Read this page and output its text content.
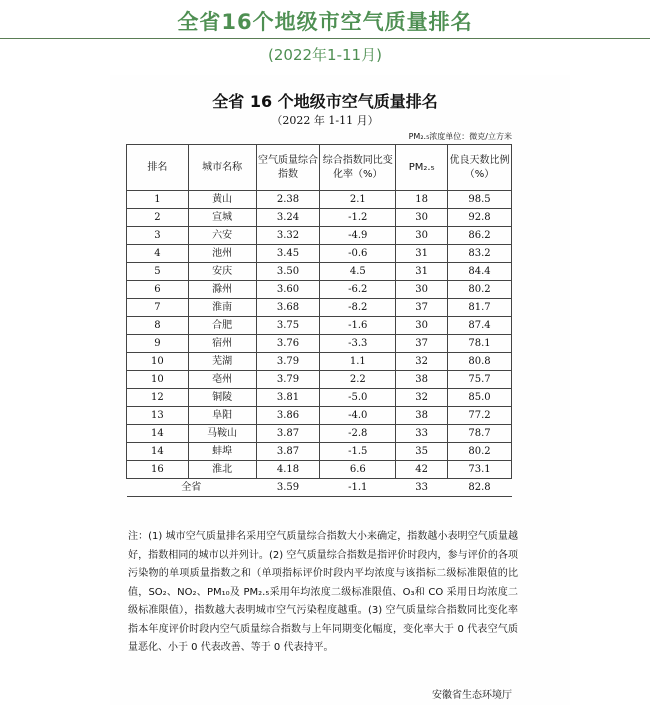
全省16个地级市空气质量排名
(2022年1-11月)
全省 16 个地级市空气质量排名
（2022 年 1-11 月）
PM₂.₅浓度单位：微克/立方米
排名	城市名称	空气质量综合指数	综合指数同比变化率（%）	PM₂.₅	优良天数比例（%）
1	黄山	2.38	2.1	18	98.5
2	宣城	3.24	-1.2	30	92.8
3	六安	3.32	-4.9	30	86.2
4	池州	3.45	-0.6	31	83.2
5	安庆	3.50	4.5	31	84.4
6	滁州	3.60	-6.2	30	80.2
7	淮南	3.68	-8.2	37	81.7
8	合肥	3.75	-1.6	30	87.4
9	宿州	3.76	-3.3	37	78.1
10	芜湖	3.79	1.1	32	80.8
10	亳州	3.79	2.2	38	75.7
12	铜陵	3.81	-5.0	32	85.0
13	阜阳	3.86	-4.0	38	77.2
14	马鞍山	3.87	-2.8	33	78.7
14	蚌埠	3.87	-1.5	35	80.2
16	淮北	4.18	6.6	42	73.1
全省		3.59	-1.1	33	82.8
注：(1) 城市空气质量排名采用空气质量综合指数大小来确定，指数越小表明空气质量越好，指数相同的城市以并列计。(2) 空气质量综合指数是指评价时段内，参与评价的各项污染物的单项质量指数之和（单项指标评价时段内平均浓度与该指标二级标准限值的比值，SO₂、NO₂、PM₁₀及 PM₂.₅采用年均浓度二级标准限值、O₃和 CO 采用日均浓度二级标准限值），指数越大表明城市空气污染程度越重。(3) 空气质量综合指数同比变化率指本年度评价时段内空气质量综合指数与上年同期变化幅度，变化率大于 0 代表空气质量恶化、小于 0 代表改善、等于 0 代表持平。
安徽省生态环境厅
